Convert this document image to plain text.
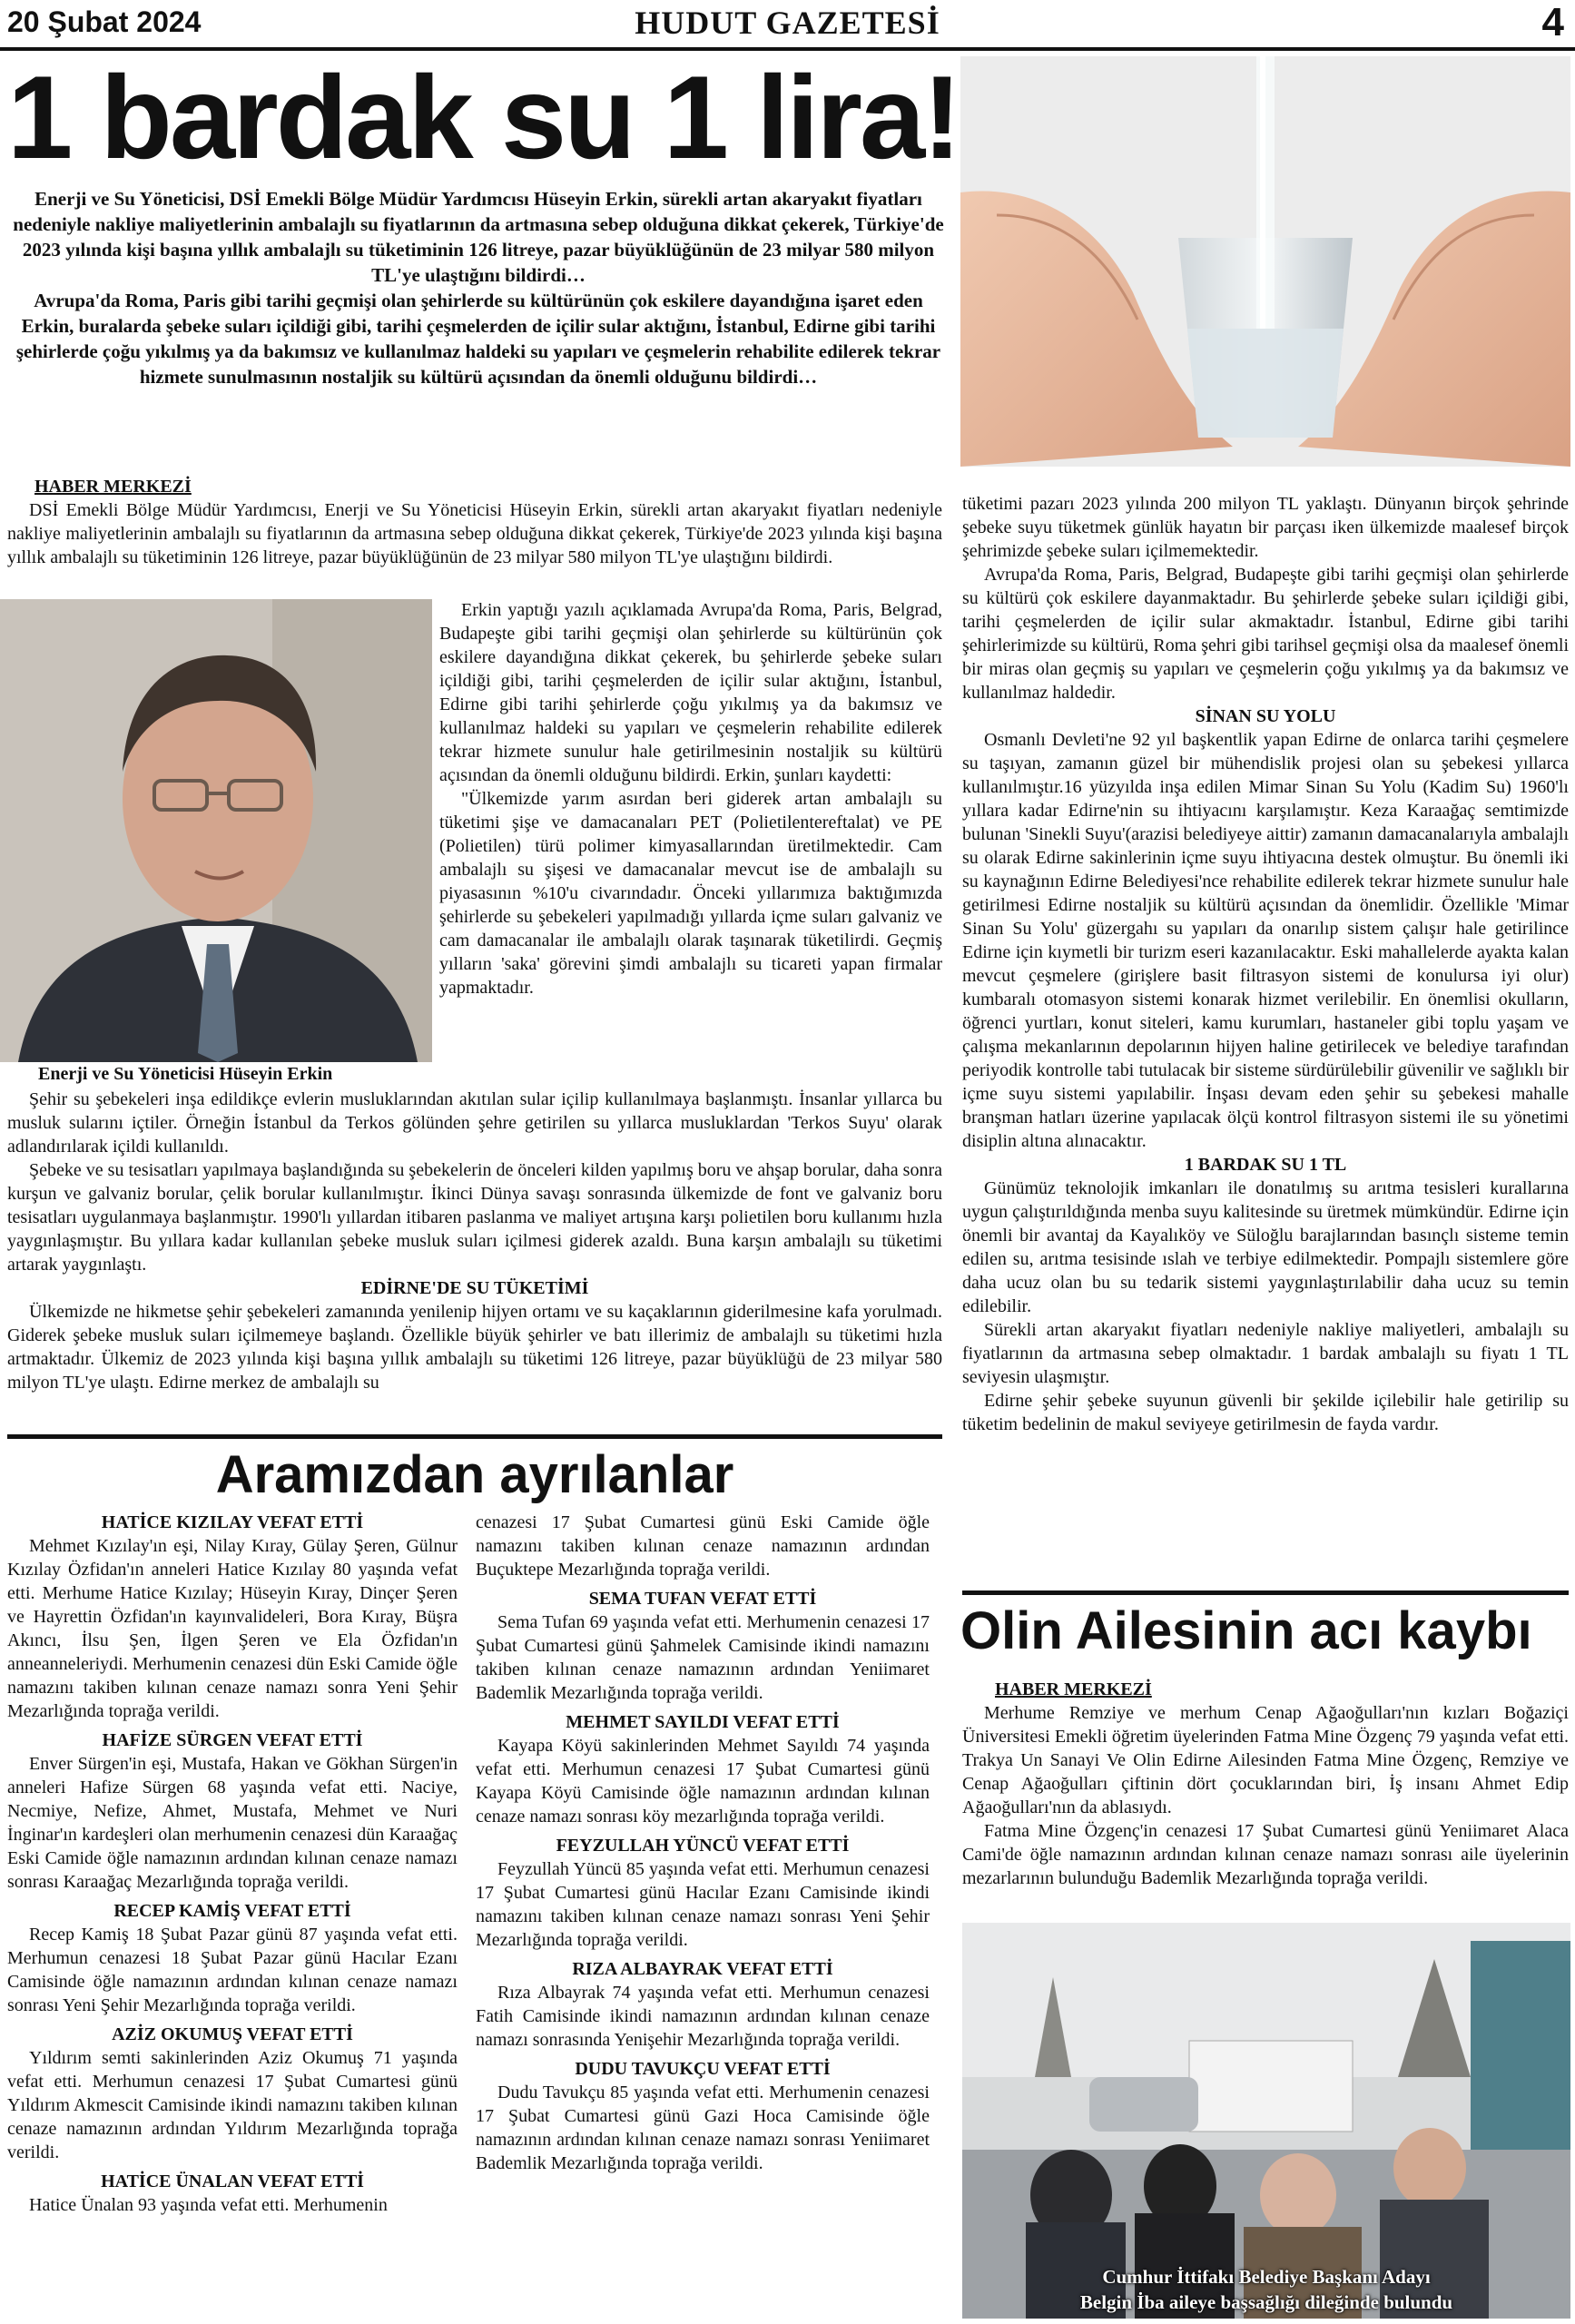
20 Şubat 2024	HUDUT GAZETESİ	4
1 bardak su 1 lira!

Enerji ve Su Yöneticisi, DSİ Emekli Bölge Müdür Yardımcısı Hüseyin Erkin, sürekli artan akaryakıt fiyatları nedeniyle nakliye maliyetlerinin ambalajlı su fiyatlarının da artmasına sebep olduğuna dikkat çekerek, Türkiye'de 2023 yılında kişi başına yıllık ambalajlı su tüketiminin 126 litreye, pazar büyüklüğünün de 23 milyar 580 milyon TL'ye ulaştığını bildirdi…

Avrupa'da Roma, Paris gibi tarihi geçmişi olan şehirlerde su kültürünün çok eskilere dayandığına işaret eden Erkin, buralarda şebeke suları içildiği gibi, tarihi çeşmelerden de içilir sular aktığını, İstanbul, Edirne gibi tarihi şehirlerde çoğu yıkılmış ya da bakımsız ve kullanılmaz haldeki su yapıları ve çeşmelerin rehabilite edilerek tekrar hizmete sunulmasının nostaljik su kültürü açısından da önemli olduğunu bildirdi…

HABER MERKEZİ

DSİ Emekli Bölge Müdür Yardımcısı, Enerji ve Su Yöneticisi Hüseyin Erkin, sürekli artan akaryakıt fiyatları nedeniyle nakliye maliyetlerinin ambalajlı su fiyatlarının da artmasına sebep olduğuna dikkat çekerek, Türkiye'de 2023 yılında kişi başına yıllık ambalajlı su tüketiminin 126 litreye, pazar büyüklüğünün de 23 milyar 580 milyon TL'ye ulaştığını bildirdi.

Erkin yaptığı yazılı açıklamada Avrupa'da Roma, Paris, Belgrad, Budapeşte gibi tarihi geçmişi olan şehirlerde su kültürünün çok eskilere dayandığına dikkat çekerek, bu şehirlerde şebeke suları içildiği gibi, tarihi çeşmelerden de içilir sular aktığını, İstanbul, Edirne gibi tarihi şehirlerde çoğu yıkılmış ya da bakımsız ve kullanılmaz haldeki su yapıları ve çeşmelerin rehabilite edilerek tekrar hizmete sunulur hale getirilmesinin nostaljik su kültürü açısından da önemli olduğunu bildirdi. Erkin, şunları kaydetti:

"Ülkemizde yarım asırdan beri giderek artan ambalajlı su tüketimi şişe ve damacanaları PET (Polietilentereftalat) ve PE (Polietilen) türü polimer kimyasallarından üretilmektedir. Cam ambalajlı su şişesi ve damacanalar mevcut ise de ambalajlı su piyasasının %10'u civarındadır. Önceki yıllarımıza baktığımızda şehirlerde su şebekeleri yapılmadığı yıllarda içme suları galvaniz ve cam damacanalar ile ambalajlı olarak taşınarak tüketilirdi. Geçmiş yılların 'saka' görevini şimdi ambalajlı su ticareti yapan firmalar yapmaktadır.

Enerji ve Su Yöneticisi Hüseyin Erkin

Şehir su şebekeleri inşa edildikçe evlerin musluklarından akıtılan sular içilip kullanılmaya başlanmıştı. İnsanlar yıllarca bu musluk sularını içtiler. Örneğin İstanbul da Terkos gölünden şehre getirilen su yıllarca musluklardan 'Terkos Suyu' olarak adlandırılarak içildi kullanıldı.

Şebeke ve su tesisatları yapılmaya başlandığında su şebekelerin de önceleri kilden yapılmış boru ve ahşap borular, daha sonra kurşun ve galvaniz borular, çelik borular kullanılmıştır. İkinci Dünya savaşı sonrasında ülkemizde de font ve galvaniz boru tesisatları uygulanmaya başlanmıştır. 1990'lı yıllardan itibaren paslanma ve maliyet artışına karşı polietilen boru kullanımı hızla yaygınlaşmıştır. Bu yıllara kadar kullanılan şebeke musluk suları içilmesi giderek azaldı. Buna karşın ambalajlı su tüketimi artarak yaygınlaştı.

EDİRNE'DE SU TÜKETİMİ

Ülkemizde ne hikmetse şehir şebekeleri zamanında yenilenip hijyen ortamı ve su kaçaklarının giderilmesine kafa yorulmadı. Giderek şebeke musluk suları içilmemeye başlandı. Özellikle büyük şehirler ve batı illerimiz de ambalajlı su tüketimi hızla artmaktadır. Ülkemiz de 2023 yılında kişi başına yıllık ambalajlı su tüketimi 126 litreye, pazar büyüklüğü de 23 milyar 580 milyon TL'ye ulaştı. Edirne merkez de ambalajlı su

tüketimi pazarı 2023 yılında 200 milyon TL yaklaştı. Dünyanın birçok şehrinde şebeke suyu tüketmek günlük hayatın bir parçası iken ülkemizde maalesef birçok şehrimizde şebeke suları içilmemektedir.

Avrupa'da Roma, Paris, Belgrad, Budapeşte gibi tarihi geçmişi olan şehirlerde su kültürü çok eskilere dayanmaktadır. Bu şehirlerde şebeke suları içildiği gibi, tarihi çeşmelerden de içilir sular akmaktadır. İstanbul, Edirne gibi tarihi şehirlerimizde su kültürü, Roma şehri gibi tarihsel geçmişi olsa da maalesef önemli bir miras olan geçmiş su yapıları ve çeşmelerin çoğu yıkılmış ya da bakımsız ve kullanılmaz haldedir.

SİNAN SU YOLU

Osmanlı Devleti'ne 92 yıl başkentlik yapan Edirne de onlarca tarihi çeşmelere su taşıyan, zamanın güzel bir mühendislik projesi olan su şebekesi yıllarca kullanılmıştır.16 yüzyılda inşa edilen Mimar Sinan Su Yolu (Kadim Su) 1960'lı yıllara kadar Edirne'nin su ihtiyacını karşılamıştır. Keza Karaağaç semtimizde bulunan 'Sinekli Suyu'(arazisi belediyeye aittir) zamanın damacanalarıyla ambalajlı su olarak Edirne sakinlerinin içme suyu ihtiyacına destek olmuştur. Bu önemli iki su kaynağının Edirne Belediyesi'nce rehabilite edilerek tekrar hizmete sunulur hale getirilmesi Edirne nostaljik su kültürü açısından da önemlidir. Özellikle 'Mimar Sinan Su Yolu' güzergahı su yapıları da onarılıp sistem çalışır hale getirilince Edirne için kıymetli bir turizm eseri kazanılacaktır. Eski mahallelerde ayakta kalan mevcut çeşmelere (girişlere basit filtrasyon sistemi de konulursa iyi olur) kumbaralı otomasyon sistemi konarak hizmet verilebilir. En önemlisi okulların, öğrenci yurtları, konut siteleri, kamu kurumları, hastaneler gibi toplu yaşam ve çalışma mekanlarının depolarının hijyen haline getirilecek ve belediye tarafından periyodik kontrolle tabi tutulacak bir sisteme sürdürülebilir güvenilir ve sağlıklı bir içme suyu sistemi yapılabilir. İnşası devam eden şehir su şebekesi mahalle branşman hatları üzerine yapılacak ölçü kontrol filtrasyon sistemi ile su yönetimi disiplin altına alınacaktır.

1 BARDAK SU 1 TL

Günümüz teknolojik imkanları ile donatılmış su arıtma tesisleri kurallarına uygun çalıştırıldığında menba suyu kalitesinde su üretmek mümkündür. Edirne için önemli bir avantaj da Kayalıköy ve Süloğlu barajlarından basınçlı sisteme temin edilen su, arıtma tesisinde ıslah ve terbiye edilmektedir. Pompajlı sistemlere göre daha ucuz olan bu su tedarik sistemi yaygınlaştırılabilir daha ucuz su temin edilebilir.

Sürekli artan akaryakıt fiyatları nedeniyle nakliye maliyetleri, ambalajlı su fiyatlarının da artmasına sebep olmaktadır. 1 bardak ambalajlı su fiyatı 1 TL seviyesin ulaşmıştır.

Edirne şehir şebeke suyunun güvenli bir şekilde içilebilir hale getirilip su tüketim bedelinin de makul seviyeye getirilmesin de fayda vardır.

Aramızdan ayrılanlar
HATİCE KIZILAY VEFAT ETTİ

Mehmet Kızılay'ın eşi, Nilay Kıray, Gülay Şeren, Gülnur Kızılay Özfidan'ın anneleri Hatice Kızılay 80 yaşında vefat etti. Merhume Hatice Kızılay; Hüseyin Kıray, Dinçer Şeren ve Hayrettin Özfidan'ın kayınvalideleri, Bora Kıray, Büşra Akıncı, İlsu Şen, İlgen Şeren ve Ela Özfidan'ın anneanneleriydi. Merhumenin cenazesi dün Eski Camide öğle namazını takiben kılınan cenaze namazı sonra Yeni Şehir Mezarlığında toprağa verildi.

HAFİZE SÜRGEN VEFAT ETTİ

Enver Sürgen'in eşi, Mustafa, Hakan ve Gökhan Sürgen'in anneleri Hafize Sürgen 68 yaşında vefat etti. Naciye, Necmiye, Nefize, Ahmet, Mustafa, Mehmet ve Nuri İnginar'ın kardeşleri olan merhumenin cenazesi dün Karaağaç Eski Camide öğle namazının ardından kılınan cenaze namazı sonrası Karaağaç Mezarlığında toprağa verildi.

RECEP KAMİŞ VEFAT ETTİ

Recep Kamiş 18 Şubat Pazar günü 87 yaşında vefat etti. Merhumun cenazesi 18 Şubat Pazar günü Hacılar Ezanı Camisinde öğle namazının ardından kılınan cenaze namazı sonrası Yeni Şehir Mezarlığında toprağa verildi.

AZİZ OKUMUŞ VEFAT ETTİ

Yıldırım semti sakinlerinden Aziz Okumuş 71 yaşında vefat etti. Merhumun cenazesi 17 Şubat Cumartesi günü Yıldırım Akmescit Camisinde ikindi namazını takiben kılınan cenaze namazının ardından Yıldırım Mezarlığında toprağa verildi.

HATİCE ÜNALAN VEFAT ETTİ

Hatice Ünalan 93 yaşında vefat etti. Merhumenin

cenazesi 17 Şubat Cumartesi günü Eski Camide öğle namazını takiben kılınan cenaze namazının ardından Buçuktepe Mezarlığında toprağa verildi.

SEMA TUFAN VEFAT ETTİ

Sema Tufan 69 yaşında vefat etti. Merhumenin cenazesi 17 Şubat Cumartesi günü Şahmelek Camisinde ikindi namazını takiben kılınan cenaze namazının ardından Yeniimaret Bademlik Mezarlığında toprağa verildi.

MEHMET SAYILDI VEFAT ETTİ

Kayapa Köyü sakinlerinden Mehmet Sayıldı 74 yaşında vefat etti. Merhumun cenazesi 17 Şubat Cumartesi günü Kayapa Köyü Camisinde öğle namazının ardından kılınan cenaze namazı sonrası köy mezarlığında toprağa verildi.

FEYZULLAH YÜNCÜ VEFAT ETTİ

Feyzullah Yüncü 85 yaşında vefat etti. Merhumun cenazesi 17 Şubat Cumartesi günü Hacılar Ezanı Camisinde ikindi namazını takiben kılınan cenaze namazı sonrası Yeni Şehir Mezarlığında toprağa verildi.

RIZA ALBAYRAK VEFAT ETTİ

Rıza Albayrak 74 yaşında vefat etti. Merhumun cenazesi Fatih Camisinde ikindi namazının ardından kılınan cenaze namazı sonrasında Yenişehir Mezarlığında toprağa verildi.

DUDU TAVUKÇU VEFAT ETTİ

Dudu Tavukçu 85 yaşında vefat etti. Merhumenin cenazesi 17 Şubat Cumartesi günü Gazi Hoca Camisinde öğle namazının ardından kılınan cenaze namazı sonrası Yeniimaret Bademlik Mezarlığında toprağa verildi.

Olin Ailesinin acı kaybı
HABER MERKEZİ

Merhume Remziye ve merhum Cenap Ağaoğulları'nın kızları Boğaziçi Üniversitesi Emekli öğretim üyelerinden Fatma Mine Özgenç 79 yaşında vefat etti. Trakya Un Sanayi Ve Olin Edirne Ailesinden Fatma Mine Özgenç, Remziye ve Cenap Ağaoğulları çiftinin dört çocuklarından biri, İş insanı Ahmet Edip Ağaoğulları'nın da ablasıydı.

Fatma Mine Özgenç'in cenazesi 17 Şubat Cumartesi günü Yeniimaret Alaca Cami'de öğle namazının ardından kılınan cenaze namazı sonrası aile üyelerinin mezarlarının bulunduğu Bademlik Mezarlığında toprağa verildi.

Cumhur İttifakı Belediye Başkanı Adayı
Belgin İba aileye başsağlığı dileğinde bulundu
